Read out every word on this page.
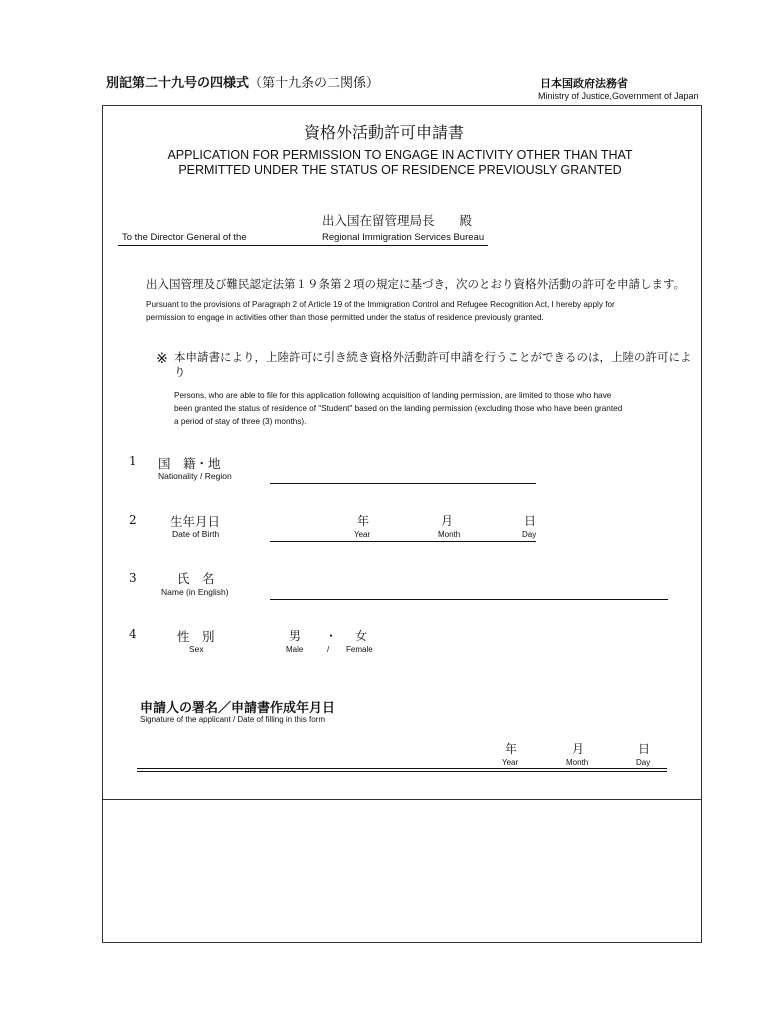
別記第二十九号の四様式（第十九条の二関係）	日本国政府法務省
Ministry of Justice,Government of Japan
資格外活動許可申請書
APPLICATION FOR PERMISSION TO ENGAGE IN ACTIVITY OTHER THAN THAT
PERMITTED UNDER THE STATUS OF RESIDENCE PREVIOUSLY GRANTED
To the Director General of the
出入国在留管理局長　　殿
Regional Immigration Services Bureau
出入国管理及び難民認定法第１９条第２項の規定に基づき，次のとおり資格外活動の許可を申請します。
Pursuant to the provisions of Paragraph 2 of Article 19 of the Immigration Control and Refugee Recognition Act, I hereby apply for permission to engage in activities other than those permitted under the status of residence previously granted.
※ 本申請書により，上陸許可に引き続き資格外活動許可申請を行うことができるのは，上陸の許可により
Persons, who are able to file for this application following acquisition of landing permission, are limited to those who have been granted the status of residence of "Student" based on the landing permission (excluding those who have been granted a period of stay of three (3) months).
1 国　籍・地
Nationality / Region
2	生年月日
Date of Birth
年
Year
月
Month
日
Day
3	氏　名
Name (in English)
4	性　別
Sex
男 ・ 女
Male	/ Female
申請人の署名／申請書作成年月日
Signature of the applicant / Date of filling in this form
年
Year
月
Month
日
Day
